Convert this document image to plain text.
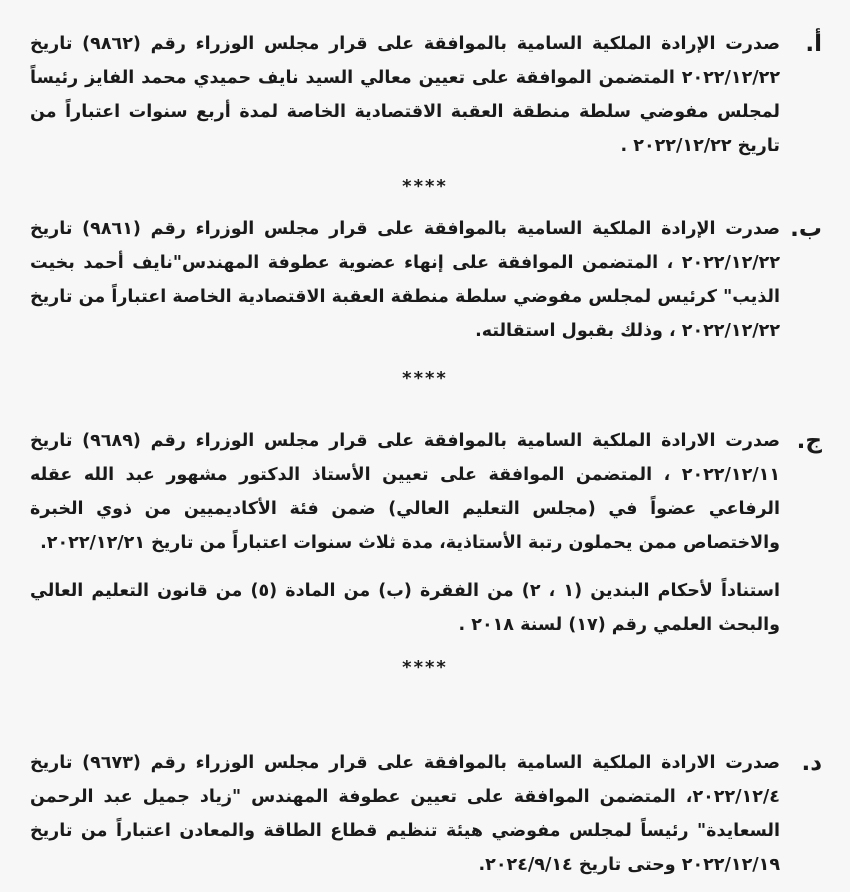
أ.
صدرت الإرادة الملكية السامية بالموافقة على قرار مجلس الوزراء رقم (٩٨٦٢) تاريخ ٢٠٢٢/١٢/٢٢ المتضمن الموافقة على تعيين معالي السيد نايف حميدي محمد الفايز رئيساً لمجلس مفوضي سلطة منطقة العقبة الاقتصادية الخاصة لمدة أربع سنوات اعتباراً من تاريخ ٢٠٢٢/١٢/٢٢ .
****
ب.
صدرت الإرادة الملكية السامية بالموافقة على قرار مجلس الوزراء رقم (٩٨٦١) تاريخ ٢٠٢٢/١٢/٢٢ ، المتضمن الموافقة على إنهاء عضوية عطوفة المهندس"نايف أحمد بخيت الذيب" كرئيس لمجلس مفوضي سلطة منطقة العقبة الاقتصادية الخاصة اعتباراً من تاريخ ٢٠٢٢/١٢/٢٢ ، وذلك بقبول استقالته.
****
ج.
صدرت الارادة الملكية السامية بالموافقة على قرار مجلس الوزراء رقم (٩٦٨٩) تاريخ ٢٠٢٢/١٢/١١ ، المتضمن الموافقة على تعيين الأستاذ الدكتور مشهور عبد الله عقله الرفاعي عضواً في (مجلس التعليم العالي) ضمن فئة الأكاديميين من ذوي الخبرة والاختصاص ممن يحملون رتبة الأستاذية، مدة ثلاث سنوات اعتباراً من تاريخ ٢٠٢٢/١٢/٢١.
استناداً لأحكام البندين (١ ، ٢) من الفقرة (ب) من المادة (٥) من قانون التعليم العالي والبحث العلمي رقم (١٧) لسنة ٢٠١٨ .
****
د.
صدرت الارادة الملكية السامية بالموافقة على قرار مجلس الوزراء رقم (٩٦٧٣) تاريخ ٢٠٢٢/١٢/٤، المتضمن الموافقة على تعيين عطوفة المهندس "زياد جميل عبد الرحمن السعايدة" رئيساً لمجلس مفوضي هيئة تنظيم قطاع الطاقة والمعادن اعتباراً من تاريخ ٢٠٢٢/١٢/١٩ وحتى تاريخ ٢٠٢٤/٩/١٤.
